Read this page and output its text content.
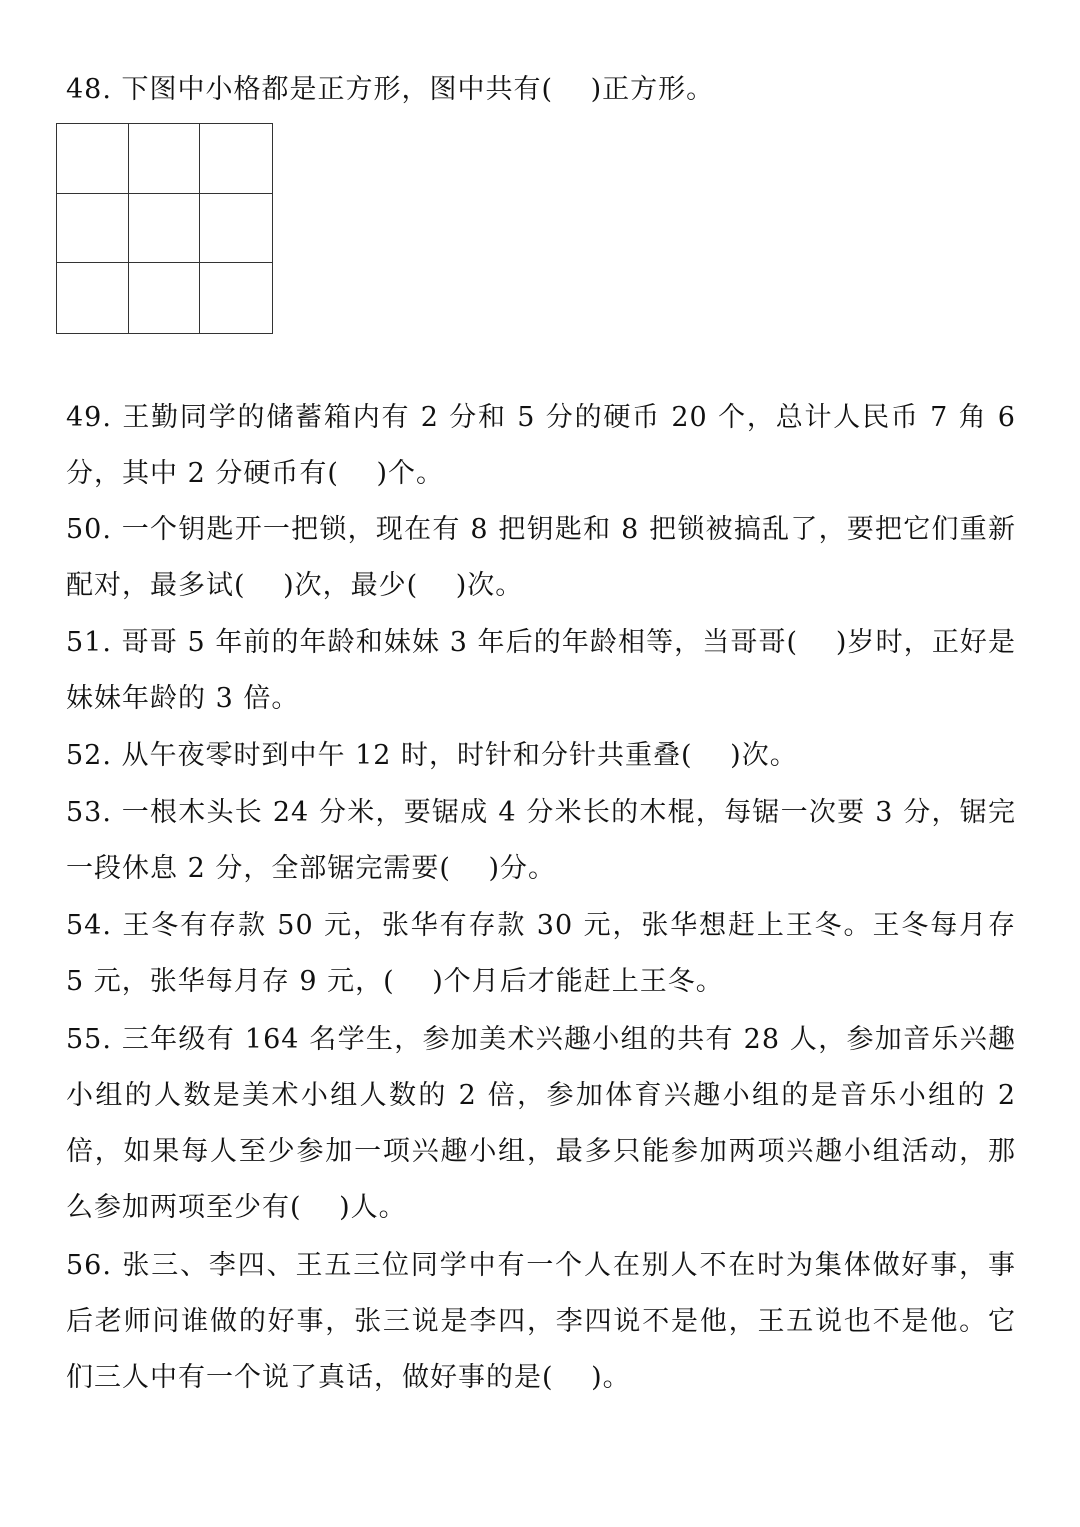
48. 下图中小格都是正方形，图中共有(　 )正方形。
49. 王勤同学的储蓄箱内有 2 分和 5 分的硬币 20 个，总计人民币 7 角 6 分，其中 2 分硬币有(　 )个。
50. 一个钥匙开一把锁，现在有 8 把钥匙和 8 把锁被搞乱了，要把它们重新配对，最多试(　 )次，最少(　 )次。
51. 哥哥 5 年前的年龄和妹妹 3 年后的年龄相等，当哥哥(　 )岁时，正好是妹妹年龄的 3 倍。
52. 从午夜零时到中午 12 时，时针和分针共重叠(　 )次。
53. 一根木头长 24 分米，要锯成 4 分米长的木棍，每锯一次要 3 分，锯完一段休息 2 分，全部锯完需要(　 )分。
54. 王冬有存款 50 元，张华有存款 30 元，张华想赶上王冬。王冬每月存 5 元，张华每月存 9 元，(　 )个月后才能赶上王冬。
55. 三年级有 164 名学生，参加美术兴趣小组的共有 28 人，参加音乐兴趣小组的人数是美术小组人数的 2 倍，参加体育兴趣小组的是音乐小组的 2 倍，如果每人至少参加一项兴趣小组，最多只能参加两项兴趣小组活动，那么参加两项至少有(　 )人。
56. 张三、李四、王五三位同学中有一个人在别人不在时为集体做好事，事后老师问谁做的好事，张三说是李四，李四说不是他，王五说也不是他。它们三人中有一个说了真话，做好事的是(　 )。
